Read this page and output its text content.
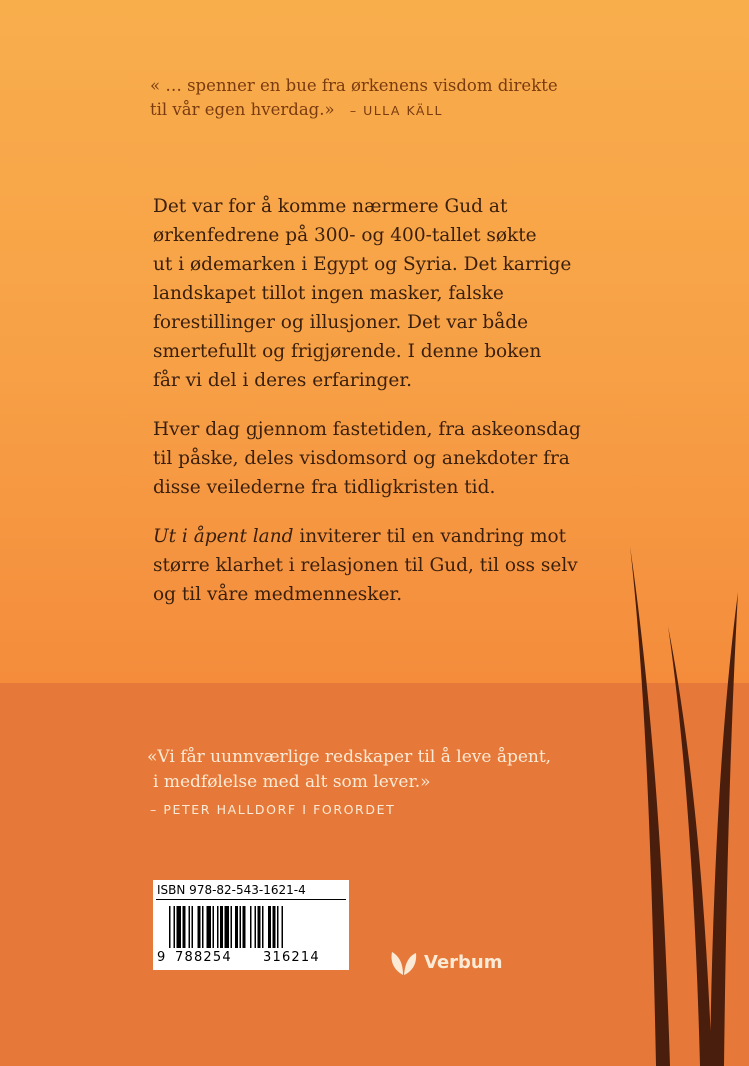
« … spenner en bue fra ørkenens visdom direkte
til vår egen hverdag.» – ULLA KÄLL

Det var for å komme nærmere Gud at
ørkenfedrene på 300- og 400-tallet søkte
ut i ødemarken i Egypt og Syria. Det karrige
landskapet tillot ingen masker, falske
forestillinger og illusjoner. Det var både
smertefullt og frigjørende. I denne boken
får vi del i deres erfaringer.

Hver dag gjennom fastetiden, fra askeonsdag
til påske, deles visdomsord og anekdoter fra
disse veilederne fra tidligkristen tid.

Ut i åpent land inviterer til en vandring mot
større klarhet i relasjonen til Gud, til oss selv
og til våre medmennesker.

«Vi får uunnværlige redskaper til å leve åpent,
i medfølelse med alt som lever.»
– PETER HALLDORF I FORORDET
ISBN 978-82-543-1621-4
9 788254 316214	Verbum
